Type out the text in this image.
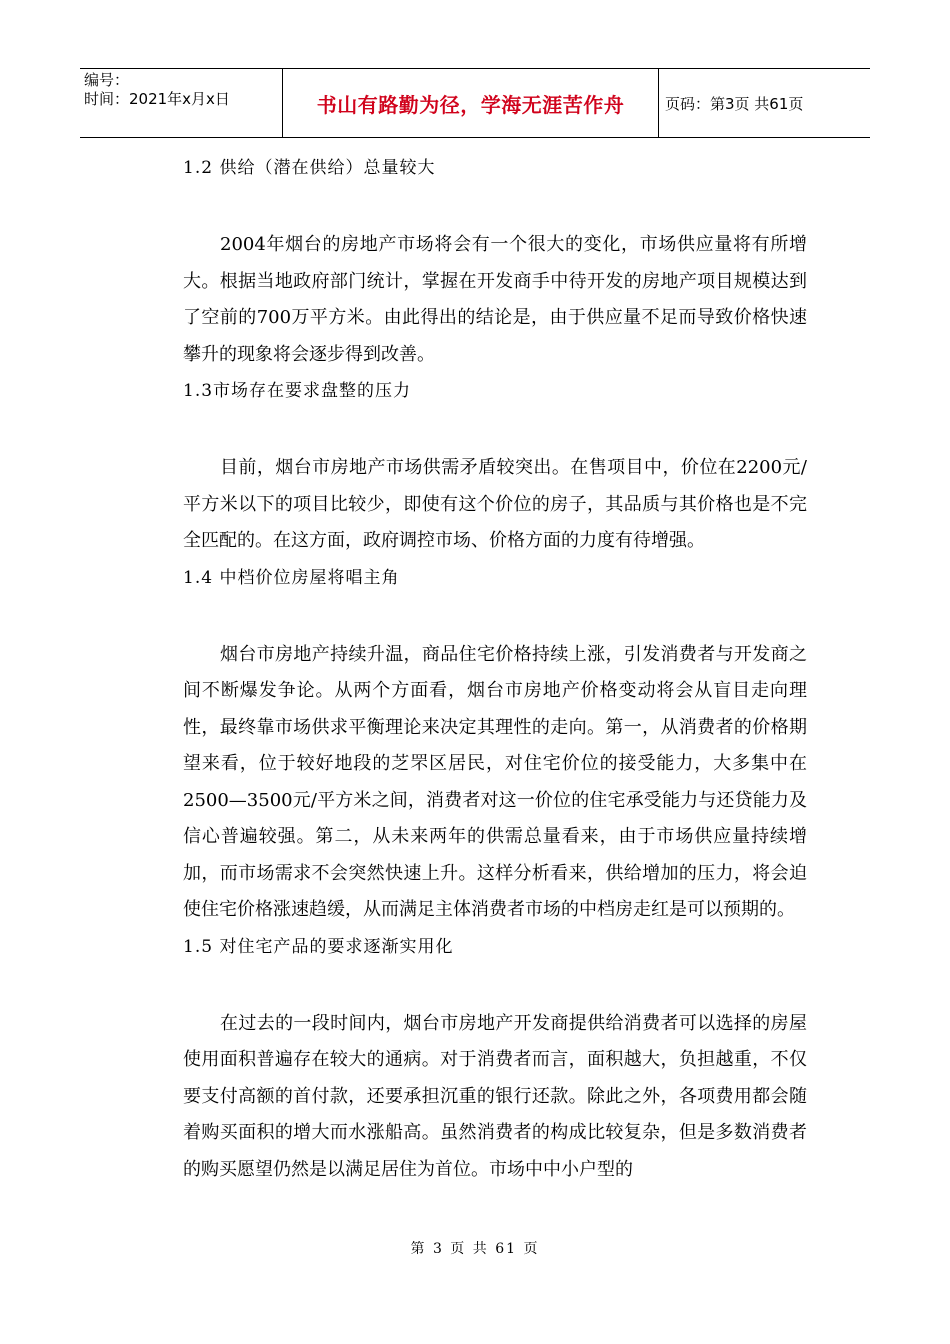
编号：
时间：2021年x月x日	书山有路勤为径，学海无涯苦作舟	页码：第3页 共61页
1.2 供给（潜在供给）总量较大

2004年烟台的房地产市场将会有一个很大的变化，市场供应量将有所增大。根据当地政府部门统计，掌握在开发商手中待开发的房地产项目规模达到了空前的700万平方米。由此得出的结论是，由于供应量不足而导致价格快速攀升的现象将会逐步得到改善。

1.3市场存在要求盘整的压力

目前，烟台市房地产市场供需矛盾较突出。在售项目中，价位在2200元/平方米以下的项目比较少，即使有这个价位的房子，其品质与其价格也是不完全匹配的。在这方面，政府调控市场、价格方面的力度有待增强。

1.4 中档价位房屋将唱主角

烟台市房地产持续升温，商品住宅价格持续上涨，引发消费者与开发商之间不断爆发争论。从两个方面看，烟台市房地产价格变动将会从盲目走向理性，最终靠市场供求平衡理论来决定其理性的走向。第一，从消费者的价格期望来看，位于较好地段的芝罘区居民，对住宅价位的接受能力，大多集中在2500—3500元/平方米之间，消费者对这一价位的住宅承受能力与还贷能力及信心普遍较强。第二，从未来两年的供需总量看来，由于市场供应量持续增加，而市场需求不会突然快速上升。这样分析看来，供给增加的压力，将会迫使住宅价格涨速趋缓，从而满足主体消费者市场的中档房走红是可以预期的。

1.5 对住宅产品的要求逐渐实用化

在过去的一段时间内，烟台市房地产开发商提供给消费者可以选择的房屋使用面积普遍存在较大的通病。对于消费者而言，面积越大，负担越重，不仅要支付高额的首付款，还要承担沉重的银行还款。除此之外，各项费用都会随着购买面积的增大而水涨船高。虽然消费者的构成比较复杂，但是多数消费者的购买愿望仍然是以满足居住为首位。市场中中小户型的

第 3 页 共 61 页
